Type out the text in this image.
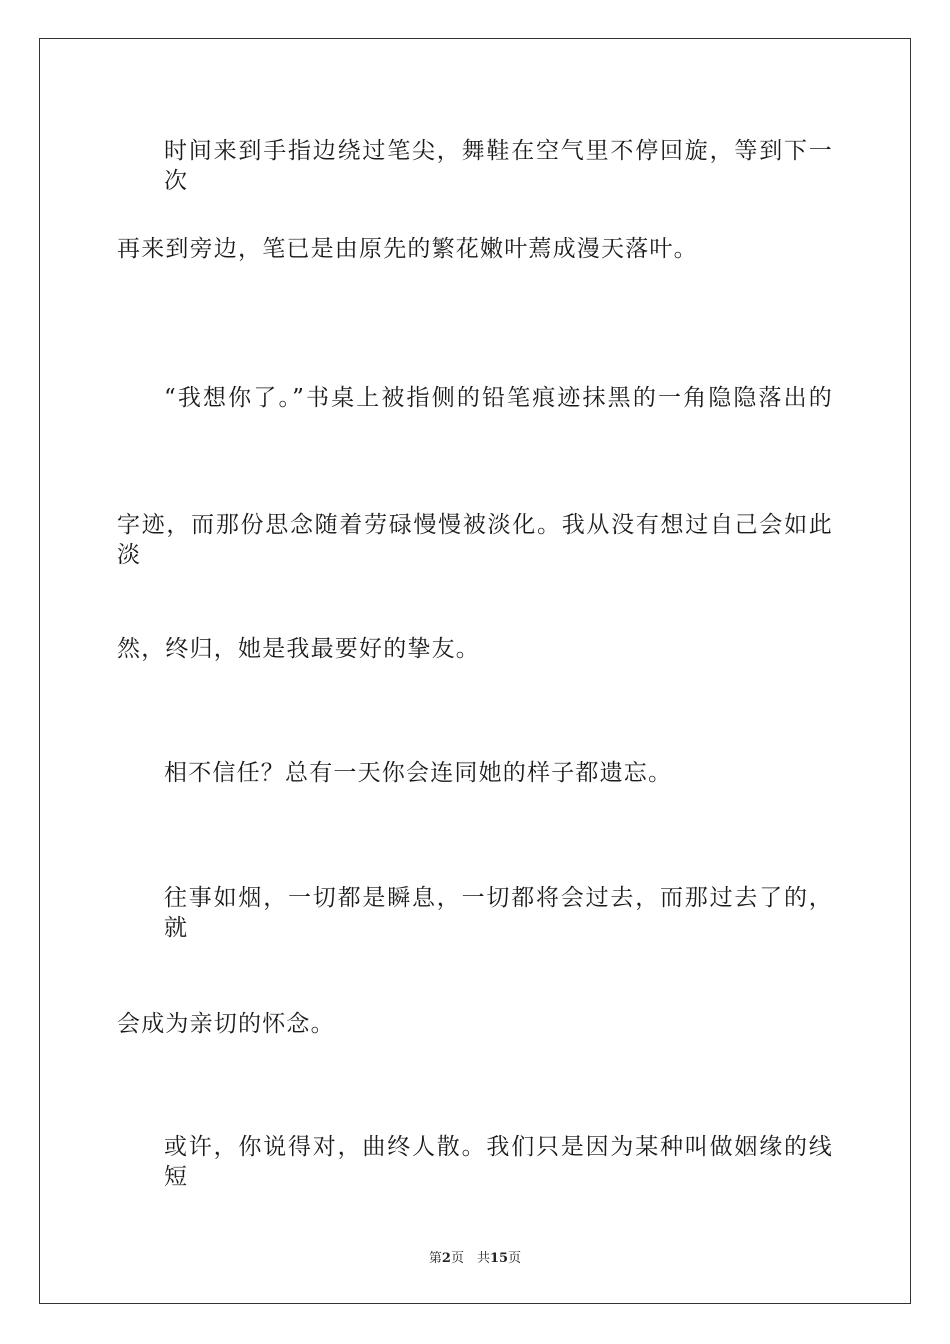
时间来到手指边绕过笔尖，舞鞋在空气里不停回旋，等到下一次
再来到旁边，笔已是由原先的繁花嫩叶蔫成漫天落叶。
“我想你了。”书桌上被指侧的铅笔痕迹抹黑的一角隐隐落出的
字迹，而那份思念随着劳碌慢慢被淡化。我从没有想过自己会如此淡
然，终归，她是我最要好的挚友。
相不信任？总有一天你会连同她的样子都遗忘。
往事如烟，一切都是瞬息，一切都将会过去，而那过去了的，就
会成为亲切的怀念。
或许，你说得对，曲终人散。我们只是因为某种叫做姻缘的线短
第2页　共15页
